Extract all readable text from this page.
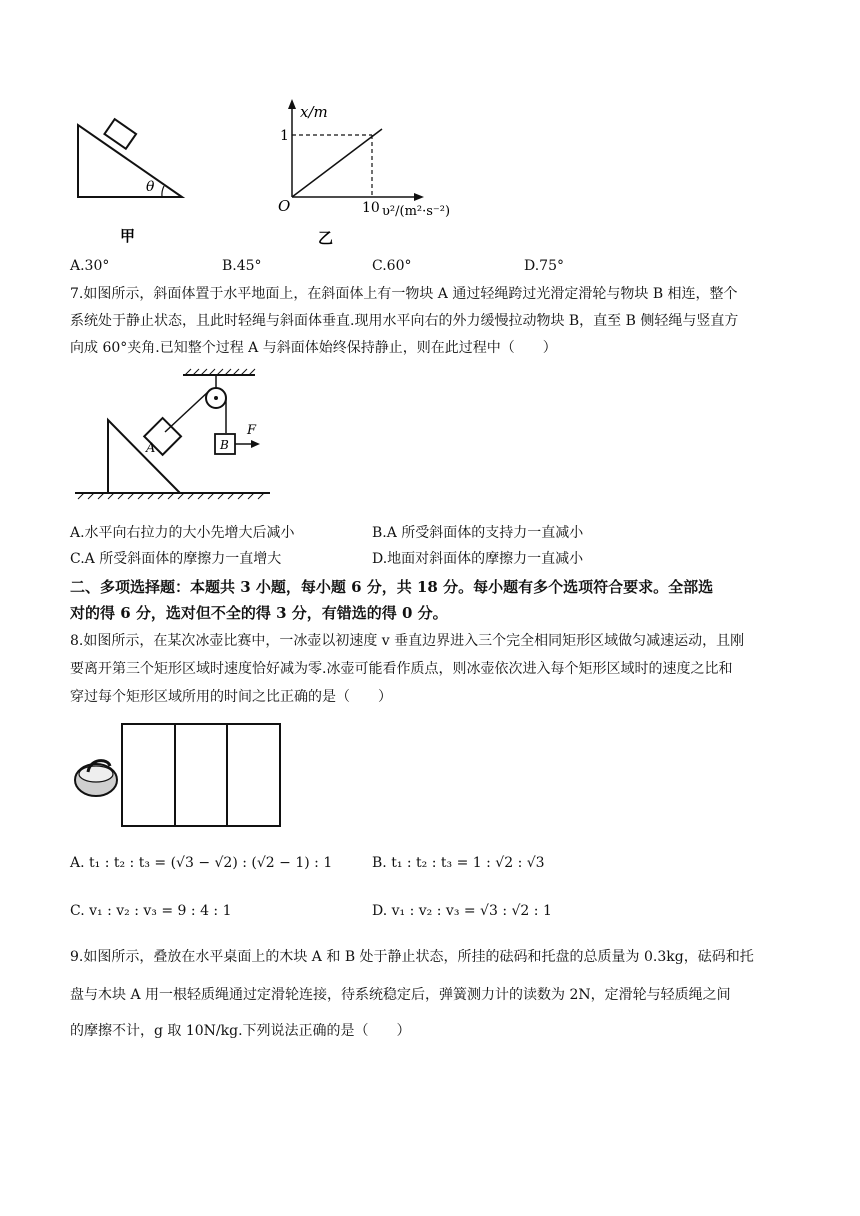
θ
甲
x/m
1
O	10 υ²/(m²·s⁻²)
乙
A.30°	B.45°	C.60°	D.75°
7.如图所示，斜面体置于水平地面上，在斜面体上有一物块 A 通过轻绳跨过光滑定滑轮与物块 B 相连，整个
系统处于静止状态，且此时轻绳与斜面体垂直.现用水平向右的外力缓慢拉动物块 B，直至 B 侧轻绳与竖直方
向成 60°夹角.已知整个过程 A 与斜面体始终保持静止，则在此过程中（　　）
A	B
F
A.水平向右拉力的大小先增大后减小	B.A 所受斜面体的支持力一直减小
C.A 所受斜面体的摩擦力一直增大	D.地面对斜面体的摩擦力一直减小
二、多项选择题：本题共 3 小题，每小题 6 分，共 18 分。每小题有多个选项符合要求。全部选
对的得 6 分，选对但不全的得 3 分，有错选的得 0 分。
8.如图所示，在某次冰壶比赛中，一冰壶以初速度 v 垂直边界进入三个完全相同矩形区域做匀减速运动，且刚
要离开第三个矩形区域时速度恰好减为零.冰壶可能看作质点，则冰壶依次进入每个矩形区域时的速度之比和
穿过每个矩形区域所用的时间之比正确的是（　　）
A. t₁ : t₂ : t₃ = (√3 − √2) : (√2 − 1) : 1	B. t₁ : t₂ : t₃ = 1 : √2 : √3
C. v₁ : v₂ : v₃ = 9 : 4 : 1	D. v₁ : v₂ : v₃ = √3 : √2 : 1
9.如图所示，叠放在水平桌面上的木块 A 和 B 处于静止状态，所挂的砝码和托盘的总质量为 0.3kg，砝码和托
盘与木块 A 用一根轻质绳通过定滑轮连接，待系统稳定后，弹簧测力计的读数为 2N，定滑轮与轻质绳之间
的摩擦不计，g 取 10N/kg.下列说法正确的是（　　）
